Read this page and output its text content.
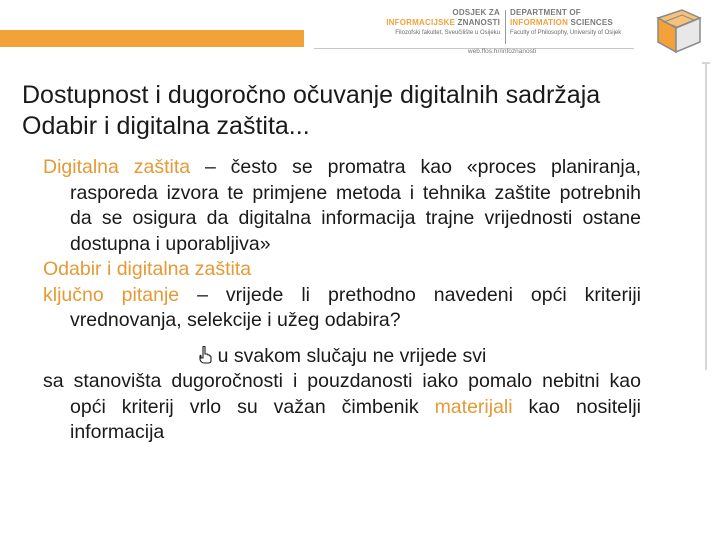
ODSJEK ZA
INFORMACIJSKE ZNANOSTI
Filozofski fakultet, Sveučilište u Osijeku
DEPARTMENT OF
INFORMATION SCIENCES
Faculty of Philosophy, University of Osijek
web.ffos.hr/infoznanosti
Dostupnost i dugoročno očuvanje digitalnih sadržaja
Odabir i digitalna zaštita...
Digitalna zaštita – često se promatra kao «proces planiranja, rasporeda izvora te primjene metoda i tehnika zaštite potrebnih da se osigura da digitalna informacija trajne vrijednosti ostane dostupna i uporabljiva»
Odabir i digitalna zaštita
ključno pitanje – vrijede li prethodno navedeni opći kriteriji vrednovanja, selekcije i užeg odabira?
u svakom slučaju ne vrijede svi
sa stanovišta dugoročnosti i pouzdanosti iako pomalo nebitni kao opći kriterij vrlo su važan čimbenik materijali kao nositelji informacija
